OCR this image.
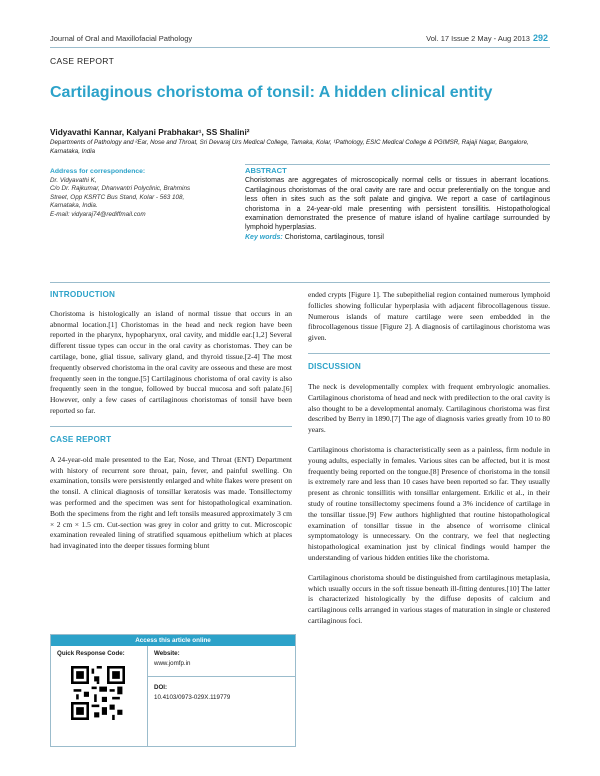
Journal of Oral and Maxillofacial Pathology	Vol. 17 Issue 2 May - Aug 2013 292
CASE REPORT
Cartilaginous choristoma of tonsil: A hidden clinical entity
Vidyavathi Kannar, Kalyani Prabhakar¹, SS Shalini²
Departments of Pathology and ²Ear, Nose and Throat, Sri Devaraj Urs Medical College, Tamaka, Kolar, ¹Pathology, ESIC Medical College & PGIMSR, Rajaji Nagar, Bangalore, Karnataka, India
Address for correspondence:
Dr. Vidyavathi K,
C/o Dr. Rajkumar, Dhanvantri Polyclinic, Brahmins
Street, Opp KSRTC Bus Stand, Kolar - 563 108,
Karnataka, India.
E-mail: vidyaraj74@rediffmail.com
ABSTRACT
Choristomas are aggregates of microscopically normal cells or tissues in aberrant locations. Cartilaginous choristomas of the oral cavity are rare and occur preferentially on the tongue and less often in sites such as the soft palate and gingiva. We report a case of cartilaginous choristoma in a 24-year-old male presenting with persistent tonsillitis. Histopathological examination demonstrated the presence of mature island of hyaline cartilage surrounded by lymphoid hyperplasias.
Key words: Choristoma, cartilaginous, tonsil
INTRODUCTION

Choristoma is histologically an island of normal tissue that occurs in an abnormal location.[1] Choristomas in the head and neck region have been reported in the pharynx, hypopharynx, oral cavity, and middle ear.[1,2] Several different tissue types can occur in the oral cavity as choristomas. They can be cartilage, bone, glial tissue, salivary gland, and thyroid tissue.[2-4] The most frequently observed choristoma in the oral cavity are osseous and these are most frequently seen in the tongue.[5] Cartilaginous choristoma of oral cavity is also frequently seen in the tongue, followed by buccal mucosa and soft palate.[6] However, only a few cases of cartilaginous choristomas of tonsil have been reported so far.

CASE REPORT

A 24-year-old male presented to the Ear, Nose, and Throat (ENT) Department with history of recurrent sore throat, pain, fever, and painful swelling. On examination, tonsils were persistently enlarged and white flakes were present on the tonsil. A clinical diagnosis of tonsillar keratosis was made. Tonsillectomy was performed and the specimen was sent for histopathological examination. Both the specimens from the right and left tonsils measured approximately 3 cm × 2 cm × 1.5 cm. Cut-section was grey in color and gritty to cut. Microscopic examination revealed lining of stratified squamous epithelium which at places had invaginated into the deeper tissues forming blunt

Access this article online
Quick Response Code:	Website:
www.jomfp.in
DOI:
10.4103/0973-029X.119779

ended crypts [Figure 1]. The subepithelial region contained numerous lymphoid follicles showing follicular hyperplasia with adjacent fibrocollagenous tissue. Numerous islands of mature cartilage were seen embedded in the fibrocollagenous tissue [Figure 2]. A diagnosis of cartilaginous choristoma was given.

DISCUSSION

The neck is developmentally complex with frequent embryologic anomalies. Cartilaginous choristoma of head and neck with predilection to the oral cavity is also thought to be a developmental anomaly. Cartilaginous choristoma was first described by Berry in 1890.[7] The age of diagnosis varies greatly from 10 to 80 years.

Cartilaginous choristoma is characteristically seen as a painless, firm nodule in young adults, especially in females. Various sites can be affected, but it is most frequently being reported on the tongue.[8] Presence of choristoma in the tonsil is extremely rare and less than 10 cases have been reported so far. They usually present as chronic tonsillitis with tonsillar enlargement. Erkilic et al., in their study of routine tonsillectomy specimens found a 3% incidence of cartilage in the tonsillar tissue.[9] Few authors highlighted that routine histopathological examination of tonsillar tissue in the absence of worrisome clinical symptomatology is unnecessary. On the contrary, we feel that neglecting histopathological examination just by clinical findings would hamper the understanding of various hidden entities like the choristoma.

Cartilaginous choristoma should be distinguished from cartilaginous metaplasia, which usually occurs in the soft tissue beneath ill-fitting dentures.[10] The latter is characterized histologically by the diffuse deposits of calcium and cartilaginous cells arranged in various stages of maturation in single or clustered cartilaginous foci.
